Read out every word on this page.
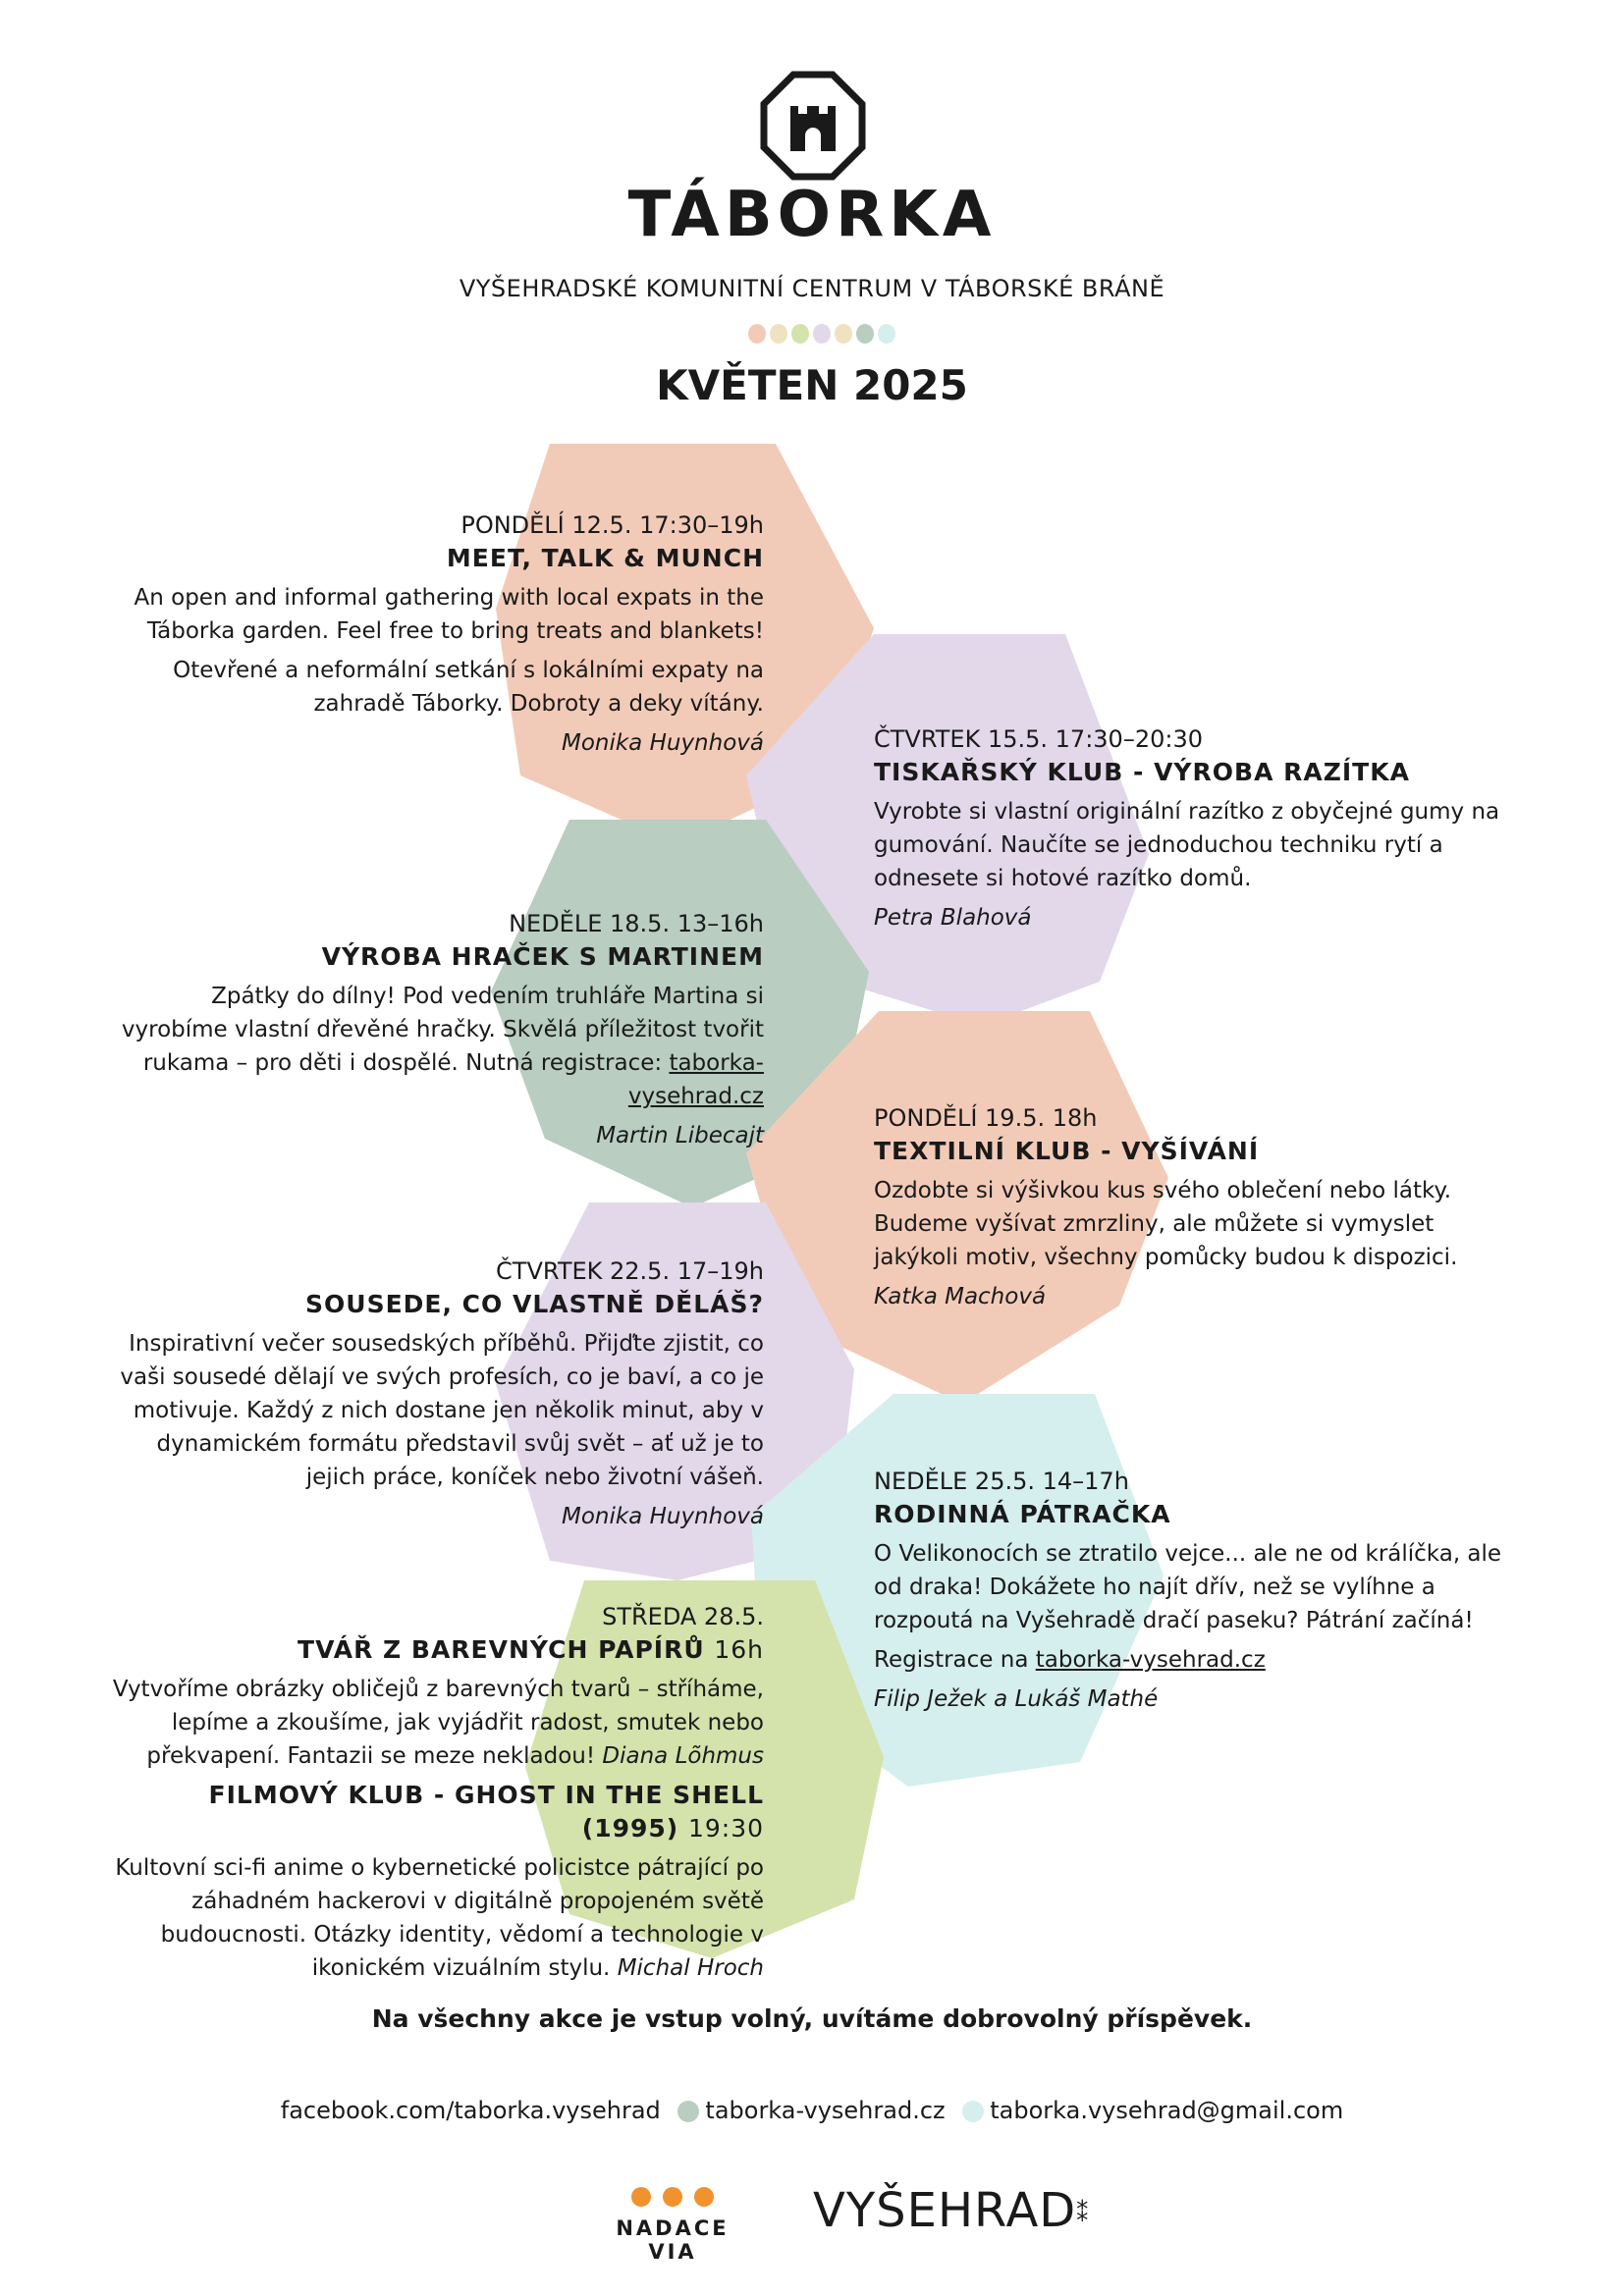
TÁBORKA
VYŠEHRADSKÉ KOMUNITNÍ CENTRUM V TÁBORSKÉ BRÁNĚ
KVĚTEN 2025
PONDĚLÍ 12.5. 17:30–19h
MEET, TALK & MUNCH
An open and informal gathering with local expats in the Táborka garden. Feel free to bring treats and blankets!
Otevřené a neformální setkání s lokálními expaty na zahradě Táborky. Dobroty a deky vítány.
Monika Huynhová	ČTVRTEK 15.5. 17:30–20:30
TISKAŘSKÝ KLUB - VÝROBA RAZÍTKA
Vyrobte si vlastní originální razítko z obyčejné gumy na gumování. Naučíte se jednoduchou techniku rytí a odnesete si hotové razítko domů.
Petra Blahová
NEDĚLE 18.5. 13–16h
VÝROBA HRAČEK S MARTINEM
Zpátky do dílny! Pod vedením truhláře Martina si vyrobíme vlastní dřevěné hračky. Skvělá příležitost tvořit rukama – pro děti i dospělé. Nutná registrace: taborka-vysehrad.cz
Martin Libecajt
PONDĚLÍ 19.5. 18h
TEXTILNÍ KLUB - VYŠÍVÁNÍ
Ozdobte si výšivkou kus svého oblečení nebo látky. Budeme vyšívat zmrzliny, ale můžete si vymyslet jakýkoli motiv, všechny pomůcky budou k dispozici.
Katka Machová
ČTVRTEK 22.5. 17–19h
SOUSEDE, CO VLASTNĚ DĚLÁŠ?
Inspirativní večer sousedských příběhů. Přijďte zjistit, co vaši sousedé dělají ve svých profesích, co je baví, a co je motivuje. Každý z nich dostane jen několik minut, aby v dynamickém formátu představil svůj svět – ať už je to jejich práce, koníček nebo životní vášeň.
Monika Huynhová
NEDĚLE 25.5. 14–17h
RODINNÁ PÁTRAČKA
O Velikonocích se ztratilo vejce... ale ne od králíčka, ale od draka! Dokážete ho najít dřív, než se vylíhne a rozpoutá na Vyšehradě dračí paseku? Pátrání začíná!
Registrace na taborka-vysehrad.cz
Filip Ježek a Lukáš Mathé
STŘEDA 28.5.
TVÁŘ Z BAREVNÝCH PAPÍRŮ 16h
Vytvoříme obrázky obličejů z barevných tvarů – stříháme, lepíme a zkoušíme, jak vyjádřit radost, smutek nebo překvapení. Fantazii se meze nekladou! Diana Lõhmus
FILMOVÝ KLUB - GHOST IN THE SHELL (1995) 19:30
Kultovní sci-fi anime o kybernetické policistce pátrající po záhadném hackerovi v digitálně propojeném světě budoucnosti. Otázky identity, vědomí a technologie v ikonickém vizuálním stylu. Michal Hroch
Na všechny akce je vstup volný, uvítáme dobrovolný příspěvek.
facebook.com/taborka.vysehrad taborka-vysehrad.cz taborka.vysehrad@gmail.com
NADACE VIA
VYŠEHRAD⁑
